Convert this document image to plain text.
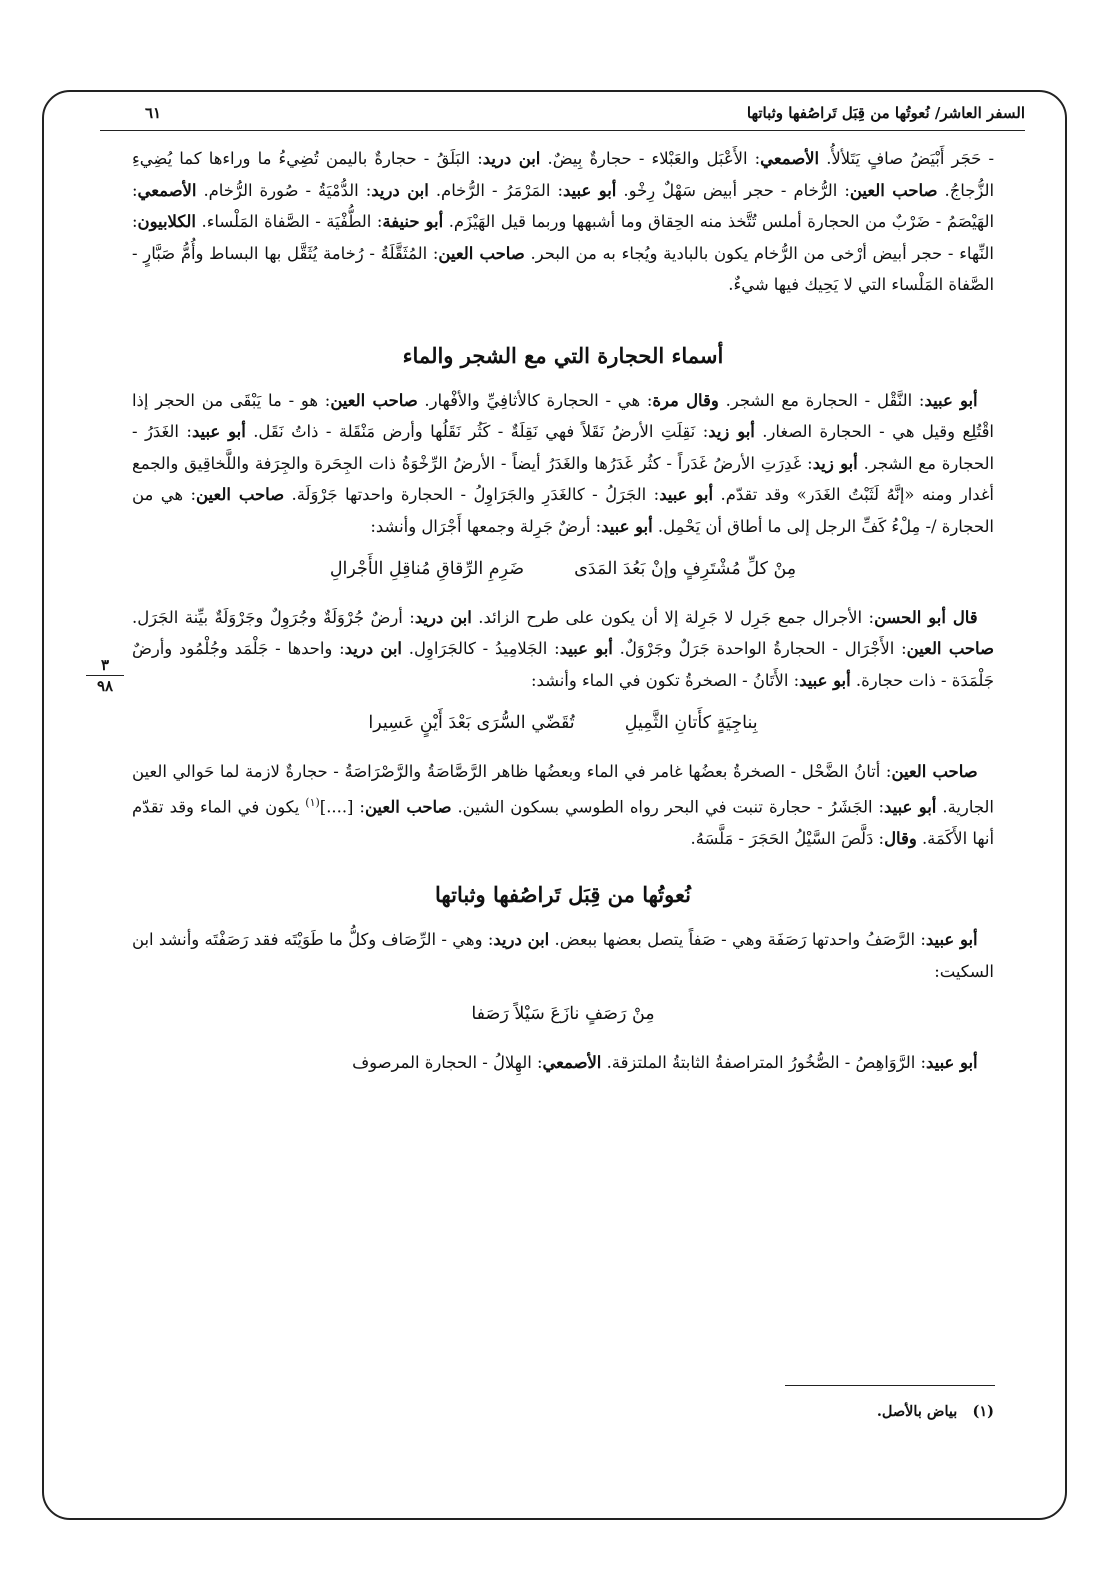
السفر العاشر/ نُعوتُها من قِبَل تَراصُفها وثباتها
٦١
٣
٩٨

- حَجَر أَبْيَضُ صافٍ يَتَلألأُ. الأصمعي: الأَعْبَل والعَبْلاء - حجارةٌ بِيضٌ. ابن دريد: البَلَقُ - حجارةٌ باليمن تُضِيءُ ما وراءها كما يُضِيءِ الزُّجاجُ. صاحب العين: الرُّخام - حجر أبيض سَهْلٌ رِخْو. أبو عبيد: المَرْمَرُ - الرُّخام. ابن دريد: الدُّمْيَةُ - صُورة الرُّخام. الأصمعي: الهَيْصَمُ - ضَرْبٌ من الحجارة أملس تُتَّخذ منه الحِقاق وما أشبهها وربما قيل الهَيْزَم. أبو حنيفة: الطُّفْيَة - الصَّفاة المَلْساء. الكلابيون: النِّهاء - حجر أبيض أرْخى من الرُّخام يكون بالبادية ويُجاء به من البحر. صاحب العين: المُثَقَّلَةُ - رُخامة يُثَقَّل بها البساط وأُمُّ صَبَّارٍ - الصَّفاة المَلْساء التي لا يَحِيك فيها شيءٌ.

أسماء الحجارة التي مع الشجر والماء

 أبو عبيد: النَّقْل - الحجارة مع الشجر. وقال مرة: هي - الحجارة كالأثافِيِّ والأفْهار. صاحب العين: هو - ما يَبْقَى من الحجر إذا اقْتُلِع وقيل هي - الحجارة الصغار. أبو زيد: نَقِلَتِ الأرضُ نَقَلاً فهي نَقِلَةٌ - كَثُر نَقَلُها وأرض مَنْقَلة - ذاتُ نَقَل. أبو عبيد: الغَدَرُ - الحجارة مع الشجر. أبو زيد: غَدِرَتِ الأرضُ غَدَراً - كثُر غَدَرُها والغَدَرُ أيضاً - الأرضُ الرِّخْوَةُ ذات الجِحَرة والجِرَفة واللَّخاقِيق والجمع أغدار ومنه «إنَّهُ لَثَبْتُ الغَدَر» وقد تقدّم. أبو عبيد: الجَرَلُ - كالغَدَرِ والجَرَاوِلُ - الحجارة واحدتها جَرْوَلَة. صاحب العين: هي من الحجارة /- مِلْءُ كَفِّ الرجل إلى ما أطاق أن يَحْمِل. أبو عبيد: أرضٌ جَرِلة وجمعها أَجْرَال وأنشد:

مِنْ كلِّ مُشْتَرِفٍ وإنْ بَعُدَ المَدَى
ضَرِمِ الرِّقاقِ مُناقِلِ الأَجْرالِ

 قال أبو الحسن: الأجرال جمع جَرِل لا جَرِلة إلا أن يكون على طرح الزائد. ابن دريد: أرضٌ جُرْوَلَةٌ وجُرَوِلٌ وجَرْوَلَةٌ بيِّنة الجَرَل. صاحب العين: الأَجْرَال - الحجارةُ الواحدة جَرَلٌ وجَرْوَلٌ. أبو عبيد: الجَلامِيدُ - كالجَرَاوِل. ابن دريد: واحدها - جَلْمَد وجُلْمُود وأرضٌ جَلْمَدَة - ذات حجارة. أبو عبيد: الأَتَانُ - الصخرةُ تكون في الماء وأنشد:

بِناجِيَةٍ كأَتانِ الثَّمِيلِ
تُقَضّي السُّرَى بَعْدَ أَيْنٍ عَسِيرا

 صاحب العين: أتانُ الضَّحْل - الصخرةُ بعضُها غامر في الماء وبعضُها ظاهر الرَّصَّاصَةُ والرَّصْرَاصَةُ - حجارةٌ لازمة لما حَوالي العين الجارية. أبو عبيد: الجَشَرُ - حجارة تنبت في البحر رواه الطوسي بسكون الشين. صاحب العين: [....]$^{(١)}$ يكون في الماء وقد تقدّم أنها الأَكَمَة. وقال: دَلَّصَ السَّيْلُ الحَجَرَ - مَلَّسَهُ.

نُعوتُها من قِبَل تَراصُفها وثباتها

 أبو عبيد: الرَّصَفُ واحدتها رَصَفَة وهي - صَفاً يتصل بعضها ببعض. ابن دريد: وهي - الرِّصَاف وكلُّ ما طَوَيْتَه فقد رَصَفْتَه وأنشد ابن السكيت:

مِنْ رَصَفٍ نازَعَ سَيْلاً رَصَفا

 أبو عبيد: الرَّوَاهِصُ - الصُّخُورُ المتراصفةُ الثابتةُ الملتزقة. الأصمعي: الهِلالُ - الحجارة المرصوف

(١)   بياض بالأصل.
